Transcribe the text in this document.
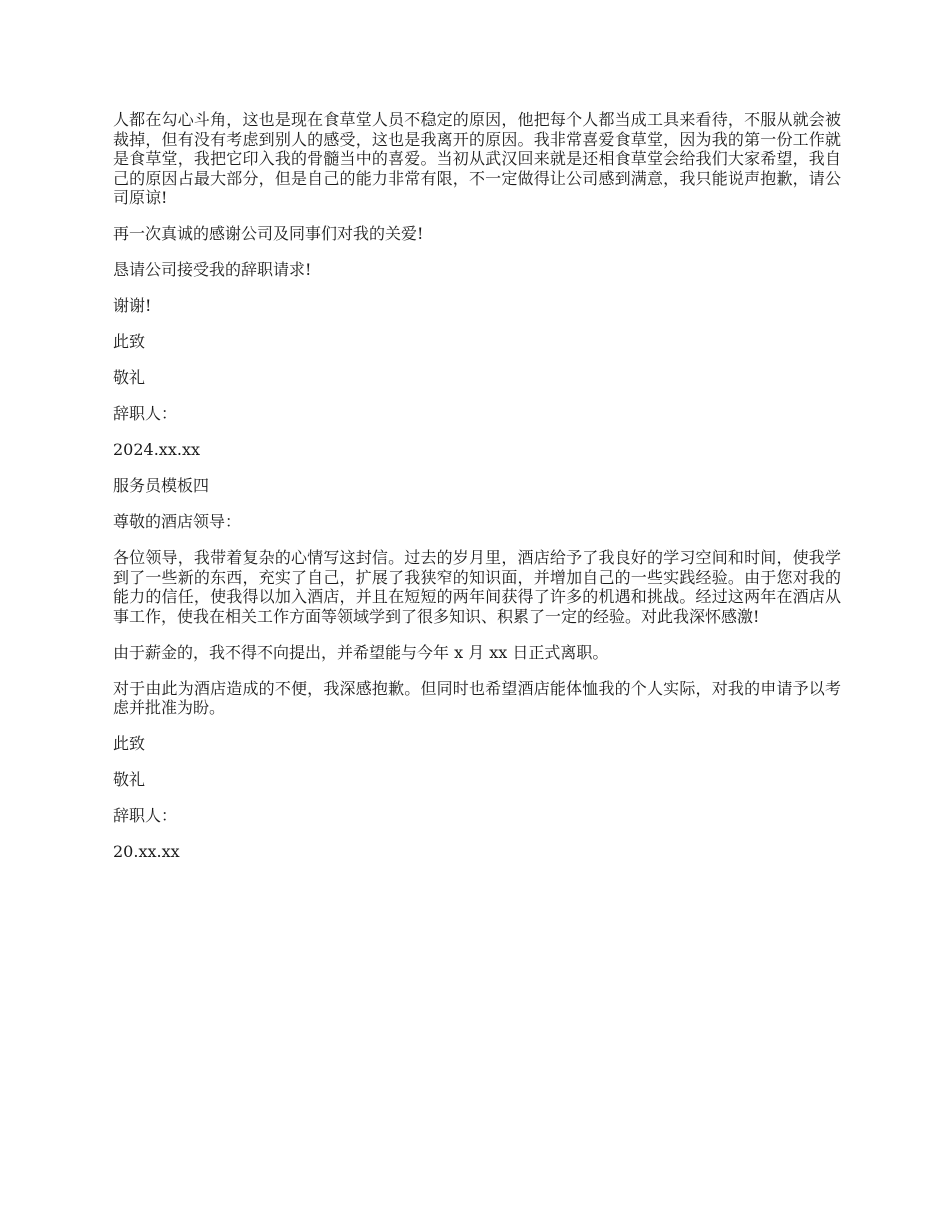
人都在勾心斗角，这也是现在食草堂人员不稳定的原因，他把每个人都当成工具来看待，不服从就会被裁掉，但有没有考虑到别人的感受，这也是我离开的原因。我非常喜爱食草堂，因为我的第一份工作就是食草堂，我把它印入我的骨髓当中的喜爱。当初从武汉回来就是还相食草堂会给我们大家希望，我自己的原因占最大部分，但是自己的能力非常有限，不一定做得让公司感到满意，我只能说声抱歉，请公司原谅!

再一次真诚的感谢公司及同事们对我的关爱!

恳请公司接受我的辞职请求!

谢谢!

此致

敬礼

辞职人：

2024.xx.xx

服务员模板四

尊敬的酒店领导：

各位领导，我带着复杂的心情写这封信。过去的岁月里，酒店给予了我良好的学习空间和时间，使我学到了一些新的东西，充实了自己，扩展了我狭窄的知识面，并增加自己的一些实践经验。由于您对我的能力的信任，使我得以加入酒店，并且在短短的两年间获得了许多的机遇和挑战。经过这两年在酒店从事工作，使我在相关工作方面等领域学到了很多知识、积累了一定的经验。对此我深怀感激!

由于薪金的，我不得不向提出，并希望能与今年 x 月 xx 日正式离职。

对于由此为酒店造成的不便，我深感抱歉。但同时也希望酒店能体恤我的个人实际，对我的申请予以考虑并批准为盼。

此致

敬礼

辞职人：

20.xx.xx
